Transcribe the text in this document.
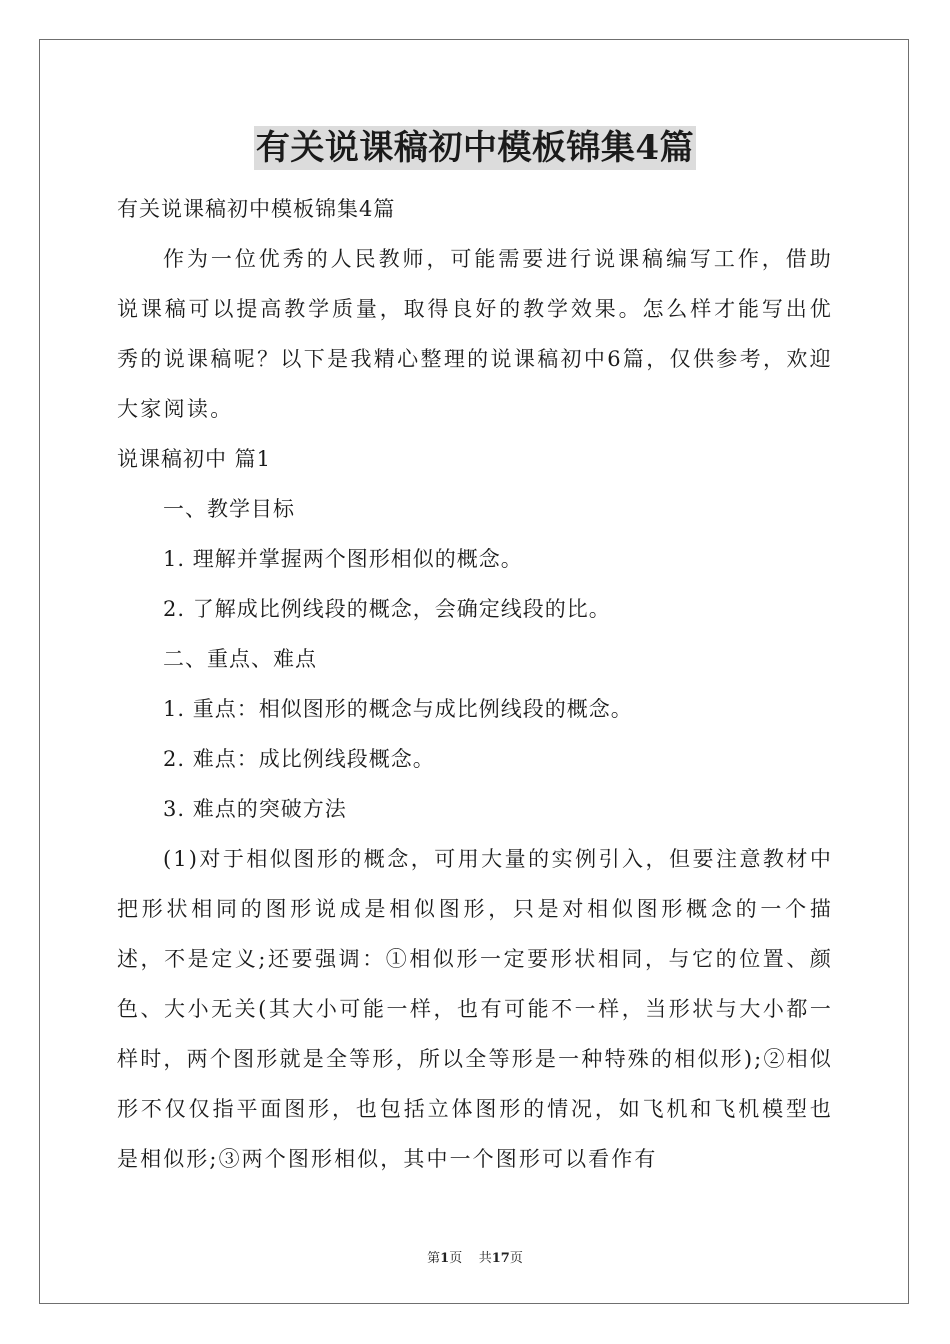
有关说课稿初中模板锦集4篇
有关说课稿初中模板锦集4篇
作为一位优秀的人民教师，可能需要进行说课稿编写工作，借助说课稿可以提高教学质量，取得良好的教学效果。怎么样才能写出优秀的说课稿呢？以下是我精心整理的说课稿初中6篇，仅供参考，欢迎大家阅读。
说课稿初中 篇1
一、教学目标
1. 理解并掌握两个图形相似的概念。
2. 了解成比例线段的概念，会确定线段的比。
二、重点、难点
1. 重点：相似图形的概念与成比例线段的概念。
2. 难点：成比例线段概念。
3. 难点的突破方法
(1)对于相似图形的概念，可用大量的实例引入，但要注意教材中把形状相同的图形说成是相似图形，只是对相似图形概念的一个描述，不是定义;还要强调：①相似形一定要形状相同，与它的位置、颜色、大小无关(其大小可能一样，也有可能不一样，当形状与大小都一样时，两个图形就是全等形，所以全等形是一种特殊的相似形);②相似形不仅仅指平面图形，也包括立体图形的情况，如飞机和飞机模型也是相似形;③两个图形相似，其中一个图形可以看作有
第1页 共17页
